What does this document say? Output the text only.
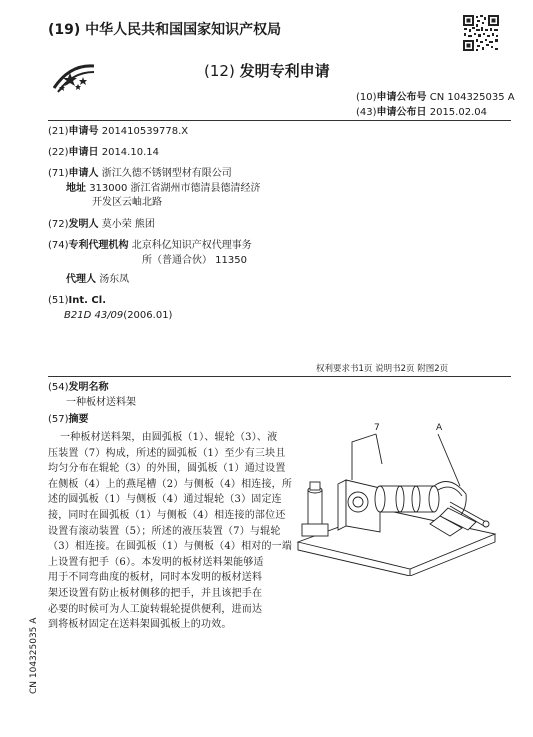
(19) 中华人民共和国国家知识产权局
(12) 发明专利申请
(10)申请公布号 CN 104325035 A
(43)申请公布日 2015.02.04
(21)申请号 201410539778.X
(22)申请日 2014.10.14
(71)申请人 浙江久德不锈钢型材有限公司
地址 313000 浙江省湖州市德清县德清经济
开发区云岫北路
(72)发明人 莫小荣 熊团
(74)专利代理机构 北京科亿知识产权代理事务
所（普通合伙） 11350
代理人 汤东凤
(51)Int. Cl.
B21D 43/09(2006.01)
权利要求书1页 说明书2页 附图2页
(54)发明名称
一种板材送料架
(57)摘要

一种板材送料架，由圆弧板（1）、辊轮（3）、液

压装置（7）构成，所述的圆弧板（1）至少有三块且

均匀分布在辊轮（3）的外围，圆弧板（1）通过设置

在侧板（4）上的燕尾槽（2）与侧板（4）相连接，所

述的圆弧板（1）与侧板（4）通过辊轮（3）固定连

接，同时在圆弧板（1）与侧板（4）相连接的部位还

设置有滚动装置（5）；所述的液压装置（7）与辊轮

（3）相连接。在圆弧板（1）与侧板（4）相对的一端

上设置有把手（6）。本发明的板材送料架能够适

用于不同弯曲度的板材，同时本发明的板材送料

架还设置有防止板材侧移的把手，并且该把手在

必要的时候可为人工旋转辊轮提供便利，进而达

到将板材固定在送料架圆弧板上的功效。

7	A
CN 104325035 A
